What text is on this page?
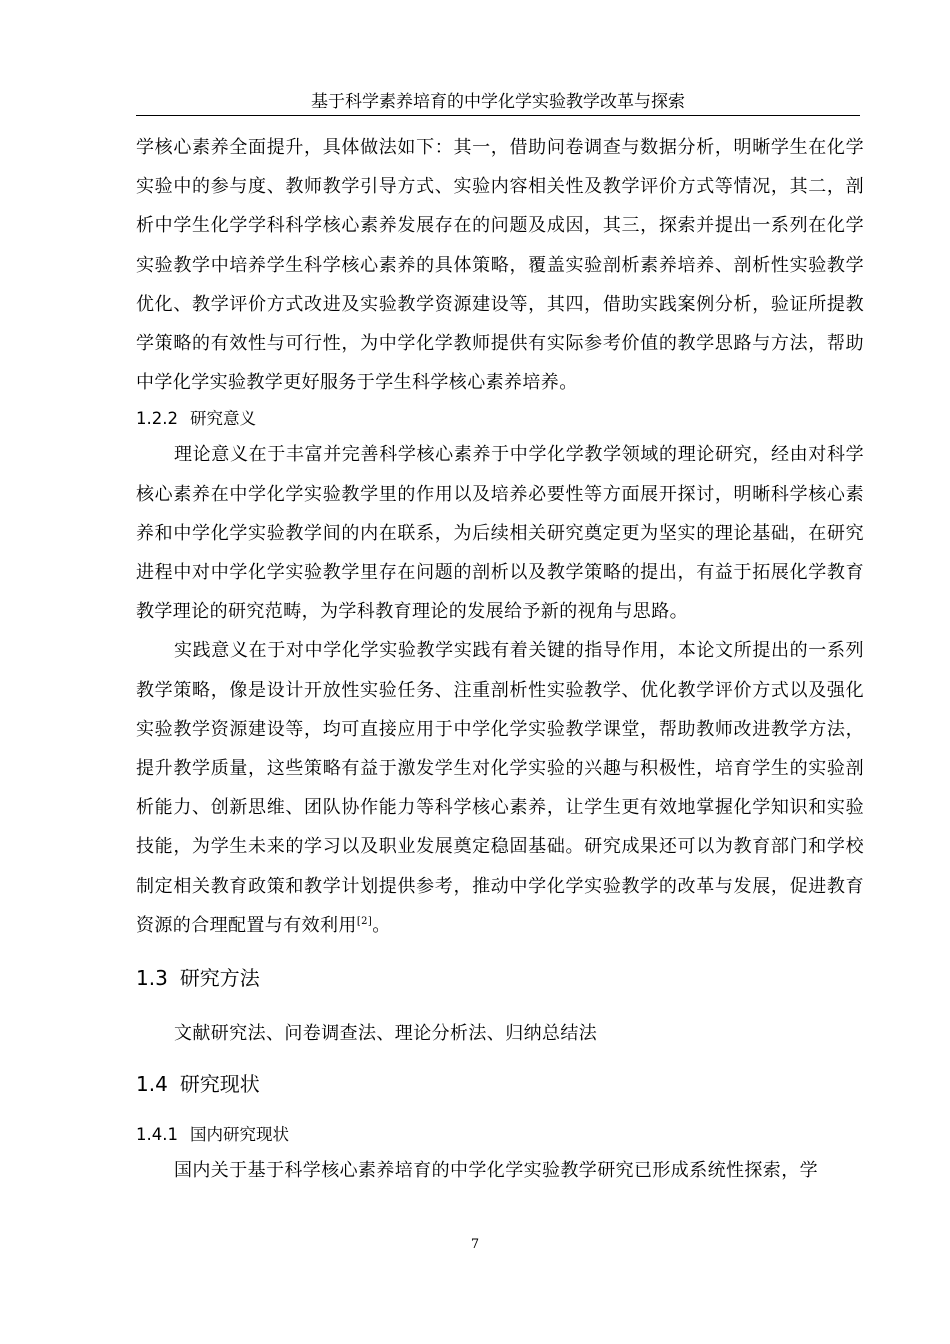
基于科学素养培育的中学化学实验教学改革与探索

学核心素养全面提升，具体做法如下：其一，借助问卷调查与数据分析，明晰学生在化学实验中的参与度、教师教学引导方式、实验内容相关性及教学评价方式等情况，其二，剖析中学生化学学科科学核心素养发展存在的问题及成因，其三，探索并提出一系列在化学实验教学中培养学生科学核心素养的具体策略，覆盖实验剖析素养培养、剖析性实验教学优化、教学评价方式改进及实验教学资源建设等，其四，借助实践案例分析，验证所提教学策略的有效性与可行性，为中学化学教师提供有实际参考价值的教学思路与方法，帮助中学化学实验教学更好服务于学生科学核心素养培养。

1.2.2 研究意义

理论意义在于丰富并完善科学核心素养于中学化学教学领域的理论研究，经由对科学核心素养在中学化学实验教学里的作用以及培养必要性等方面展开探讨，明晰科学核心素养和中学化学实验教学间的内在联系，为后续相关研究奠定更为坚实的理论基础，在研究进程中对中学化学实验教学里存在问题的剖析以及教学策略的提出，有益于拓展化学教育教学理论的研究范畴，为学科教育理论的发展给予新的视角与思路。

实践意义在于对中学化学实验教学实践有着关键的指导作用，本论文所提出的一系列教学策略，像是设计开放性实验任务、注重剖析性实验教学、优化教学评价方式以及强化实验教学资源建设等，均可直接应用于中学化学实验教学课堂，帮助教师改进教学方法，提升教学质量，这些策略有益于激发学生对化学实验的兴趣与积极性，培育学生的实验剖析能力、创新思维、团队协作能力等科学核心素养，让学生更有效地掌握化学知识和实验技能，为学生未来的学习以及职业发展奠定稳固基础。研究成果还可以为教育部门和学校制定相关教育政策和教学计划提供参考，推动中学化学实验教学的改革与发展，促进教育资源的合理配置与有效利用[2]。

1.3 研究方法

文献研究法、问卷调查法、理论分析法、归纳总结法

1.4 研究现状
1.4.1 国内研究现状

国内关于基于科学核心素养培育的中学化学实验教学研究已形成系统性探索，学

7
